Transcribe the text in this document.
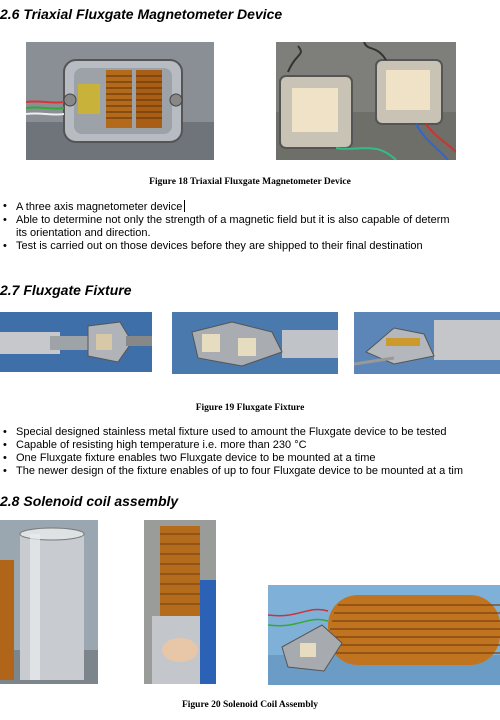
2.6 Triaxial Fluxgate Magnetometer Device

Figure 18 Triaxial Fluxgate Magnetometer Device

• A three axis magnetometer device
• Able to determine not only the strength of a magnetic field but it is also capable of determ
its orientation and direction.
• Test is carried out on those devices before they are shipped to their final destination
2.7 Fluxgate Fixture

Figure 19 Fluxgate Fixture

• Special designed stainless metal fixture used to amount the Fluxgate device to be tested
• Capable of resisting high temperature i.e. more than 230 °C
• One Fluxgate fixture enables two Fluxgate device to be mounted at a time
• The newer design of the fixture enables of up to four Fluxgate device to be mounted at a tim
2.8 Solenoid coil assembly

Figure 20 Solenoid Coil Assembly
